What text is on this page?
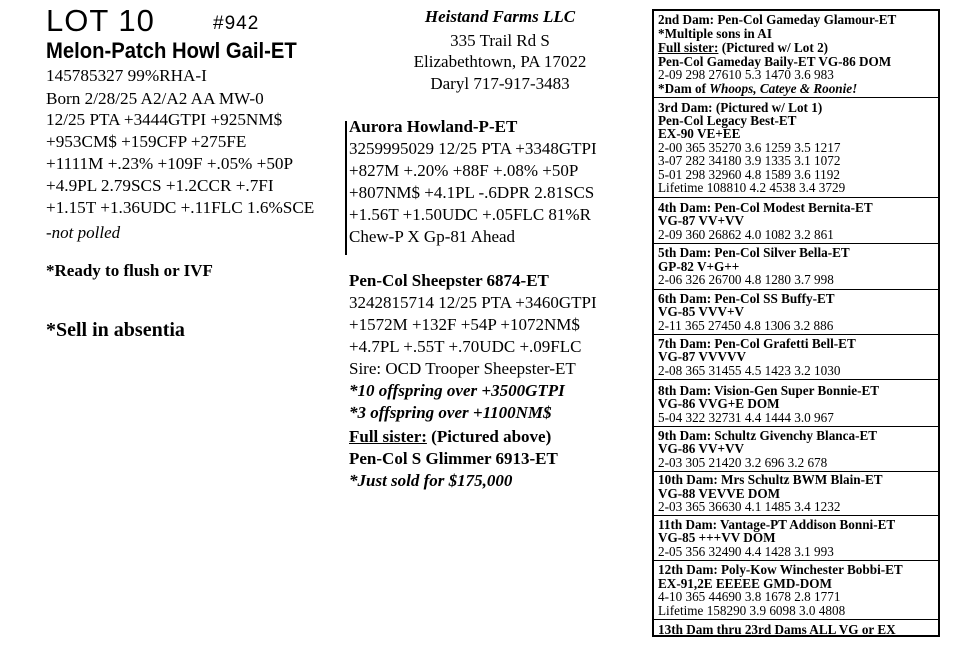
LOT 10	#942
Melon-Patch Howl Gail-ET
145785327 99%RHA-I
Born 2/28/25 A2/A2 AA MW-0
12/25 PTA +3444GTPI +925NM$
+953CM$ +159CFP +275FE
+1111M +.23% +109F +.05% +50P
+4.9PL 2.79SCS +1.2CCR +.7FI
+1.15T +1.36UDC +.11FLC 1.6%SCE
-not polled
*Ready to flush or IVF
*Sell in absentia
Heistand Farms LLC
335 Trail Rd S
Elizabethtown, PA 17022
Daryl 717-917-3483
Aurora Howland-P-ET
3259995029 12/25 PTA +3348GTPI
+827M +.20% +88F +.08% +50P
+807NM$ +4.1PL -.6DPR 2.81SCS
+1.56T +1.50UDC +.05FLC 81%R
Chew-P X Gp-81 Ahead
Pen-Col Sheepster 6874-ET
3242815714 12/25 PTA +3460GTPI
+1572M +132F +54P +1072NM$
+4.7PL +.55T +.70UDC +.09FLC
Sire: OCD Trooper Sheepster-ET
*10 offspring over +3500GTPI
*3 offspring over +1100NM$
Full sister: (Pictured above)
Pen-Col S Glimmer 6913-ET
*Just sold for $175,000
2nd Dam: Pen-Col Gameday Glamour-ET
*Multiple sons in AI
Full sister: (Pictured w/ Lot 2)
Pen-Col Gameday Baily-ET VG-86 DOM
2-09 298 27610 5.3 1470 3.6 983
*Dam of Whoops, Cateye & Roonie!
3rd Dam: (Pictured w/ Lot 1)
Pen-Col Legacy Best-ET
EX-90 VE+EE
2-00 365 35270 3.6 1259 3.5 1217
3-07 282 34180 3.9 1335 3.1 1072
5-01 298 32960 4.8 1589 3.6 1192
Lifetime 108810 4.2 4538 3.4 3729
4th Dam: Pen-Col Modest Bernita-ET
VG-87 VV+VV
2-09 360 26862 4.0 1082 3.2 861
5th Dam: Pen-Col Silver Bella-ET
GP-82 V+G++
2-06 326 26700 4.8 1280 3.7 998
6th Dam: Pen-Col SS Buffy-ET
VG-85 VVV+V
2-11 365 27450 4.8 1306 3.2 886
7th Dam: Pen-Col Grafetti Bell-ET
VG-87 VVVVV
2-08 365 31455 4.5 1423 3.2 1030
8th Dam: Vision-Gen Super Bonnie-ET
VG-86 VVG+E DOM
5-04 322 32731 4.4 1444 3.0 967
9th Dam: Schultz Givenchy Blanca-ET
VG-86 VV+VV
2-03 305 21420 3.2 696 3.2 678
10th Dam: Mrs Schultz BWM Blain-ET
VG-88 VEVVE DOM
2-03 365 36630 4.1 1485 3.4 1232
11th Dam: Vantage-PT Addison Bonni-ET
VG-85 +++VV DOM
2-05 356 32490 4.4 1428 3.1 993
12th Dam: Poly-Kow Winchester Bobbi-ET
EX-91,2E EEEEE GMD-DOM
4-10 365 44690 3.8 1678 2.8 1771
Lifetime 158290 3.9 6098 3.0 4808
13th Dam thru 23rd Dams ALL VG or EX
